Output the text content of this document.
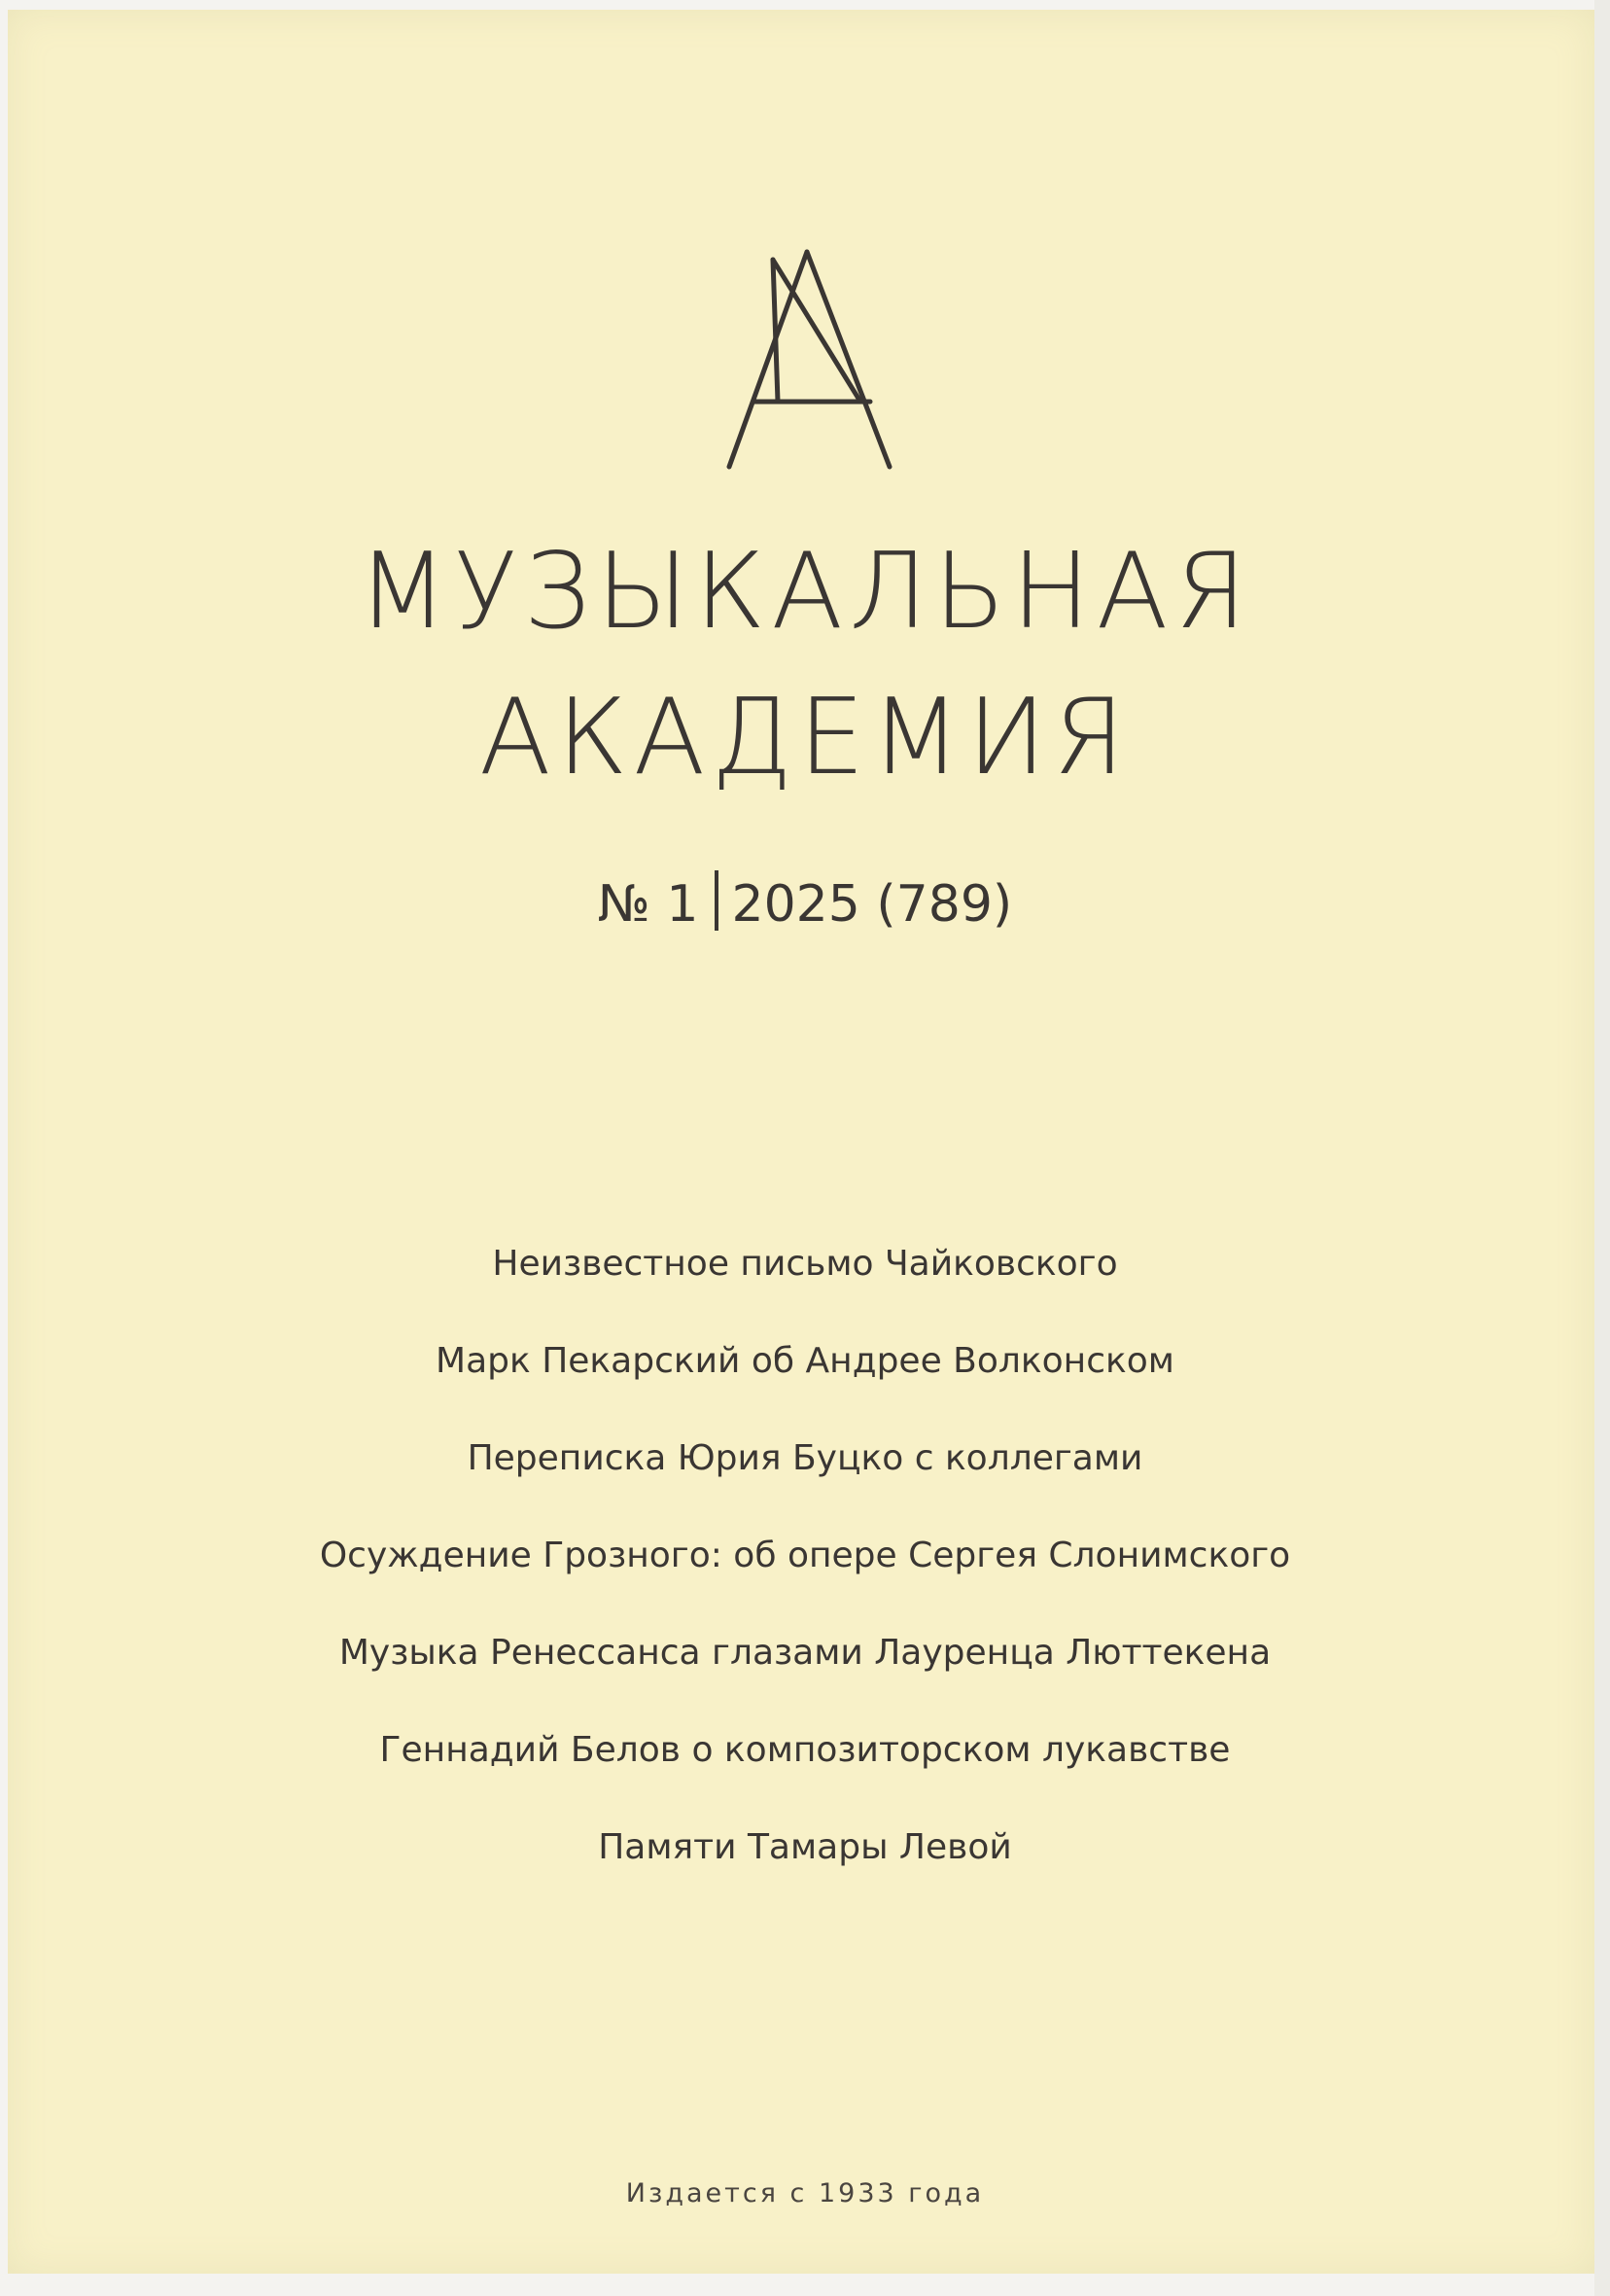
МУЗЫКАЛЬНАЯ
АКАДЕМИЯ
№ 1 2025 (789)
Неизвестное письмо Чайковского
Марк Пекарский об Андрее Волконском
Переписка Юрия Буцко с коллегами
Осуждение Грозного: об опере Сергея Слонимского
Музыка Ренессанса глазами Лауренца Люттекена
Геннадий Белов о композиторском лукавстве
Памяти Тамары Левой
Издается с 1933 года
